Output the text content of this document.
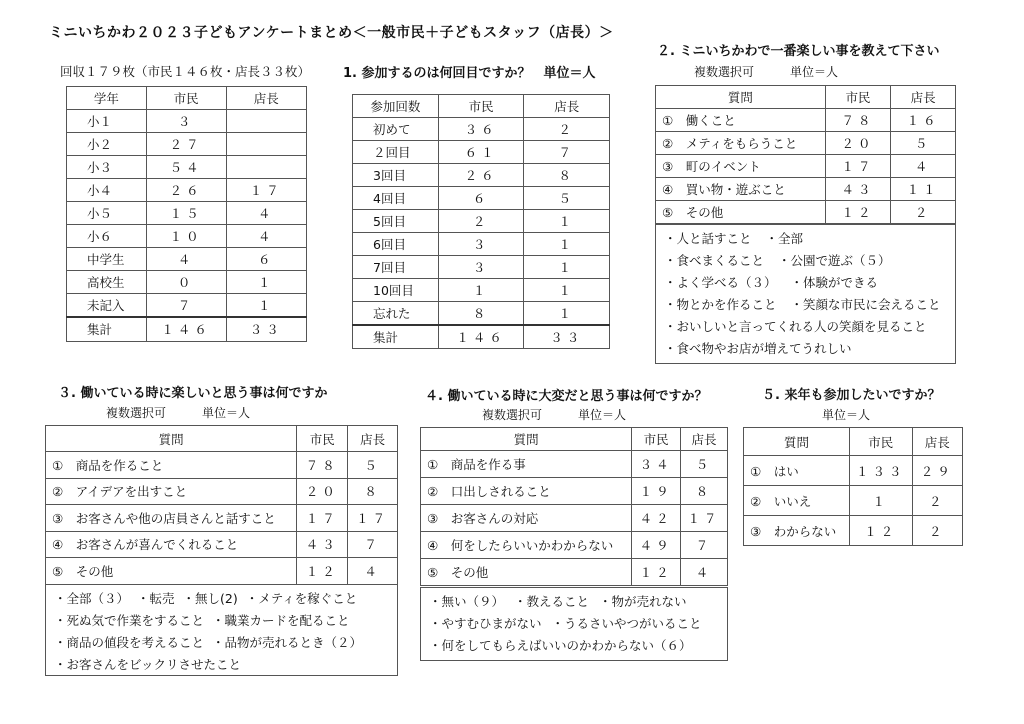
ミニいちかわ２０２３子どもアンケートまとめ＜一般市民＋子どもスタッフ（店長）＞
回収１７９枚（市民１４６枚・店長３３枚）
学年	市民	店長
小１	３	
小２	２７	
小３	５４	
小４	２６	１７
小５	１５	４
小６	１０	４
中学生	４	６
高校生	０	１
未記入	７	１
集計	１４６	３３
1. 参加するのは何回目ですか？　単位＝人
参加回数	市民	店長
初めて	３６	２
２回目	６１	７
3回目	２６	８
4回目	６	５
5回目	２	１
6回目	３	１
7回目	３	１
10回目	１	１
忘れた	８	１
集計	１４６	３３
２. ミニいちかわで一番楽しい事を教えて下さい
複数選択可　　　単位＝人
質問	市民	店長
①　働くこと	７８	１６
②　メティをもらうこと	２０	５
③　町のイベント	１７	４
④　買い物・遊ぶこと	４３	１１
⑤　その他	１２	２
・人と話すこと ・全部
・食べまくること ・公園で遊ぶ（５）
・よく学べる（３） ・体験ができる
・物とかを作ること ・笑顔な市民に会えること
・おいしいと言ってくれる人の笑顔を見ること
・食べ物やお店が増えてうれしい
３. 働いている時に楽しいと思う事は何ですか
複数選択可　　　単位＝人
質問	市民	店長
①　商品を作ること	７８	５
②　アイデアを出すこと	２０	８
③　お客さんや他の店員さんと話すこと	１７	１７
④　お客さんが喜んでくれること	４３	７
⑤　その他	１２	４
・全部（３） ・転売 ・無し(2) ・メティを稼ぐこと
・死ぬ気で作業をすること ・職業カードを配ること
・商品の値段を考えること ・品物が売れるとき（２）
・お客さんをビックリさせたこと
４. 働いている時に大変だと思う事は何ですか？
複数選択可　　　単位＝人
質問	市民	店長
①　商品を作る事	３４	５
②　口出しされること	１９	８
③　お客さんの対応	４２	１７
④　何をしたらいいかわからない	４９	７
⑤　その他	１２	４
・無い（９） ・教えること ・物が売れない
・やすむひまがない ・うるさいやつがいること
・何をしてもらえばいいのかわからない（６）
５. 来年も参加したいですか？
単位＝人
質問	市民	店長
①　はい	１３３	２９
②　いいえ	１	２
③　わからない	１２	２
